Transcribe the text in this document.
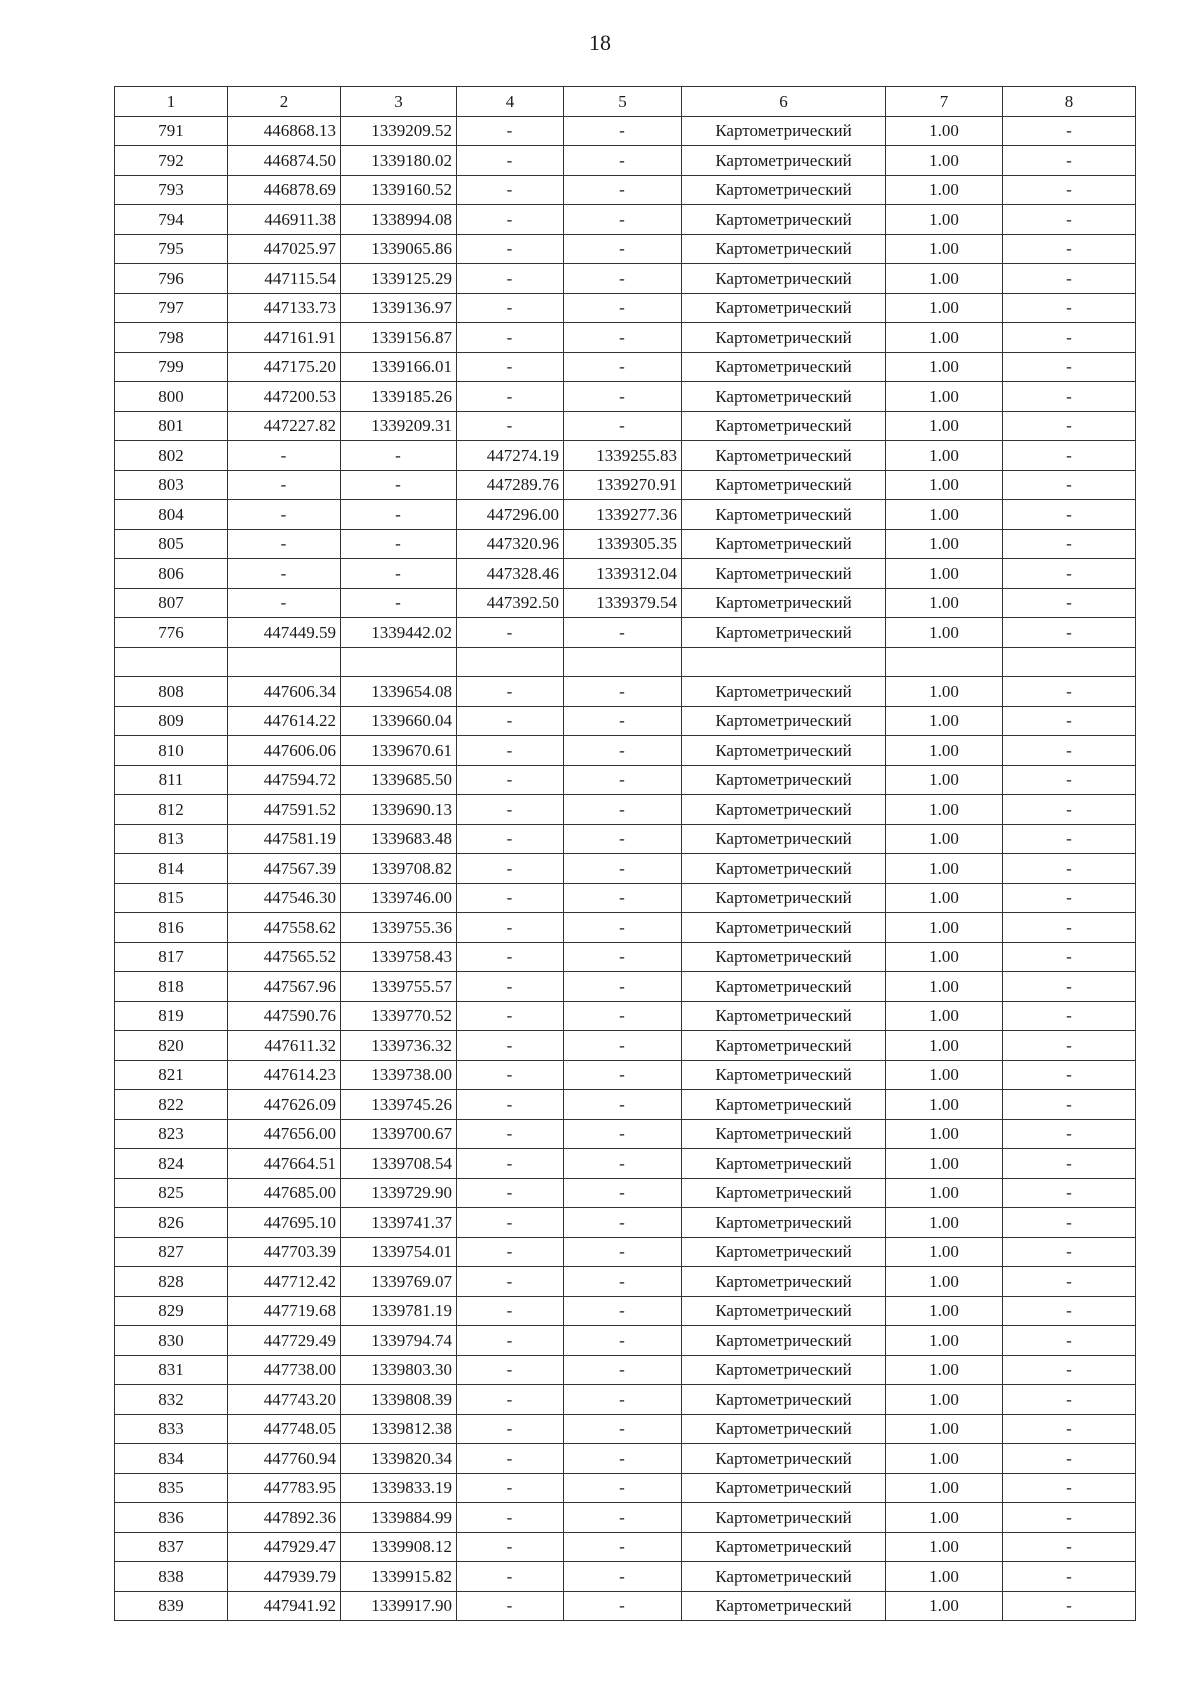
18
1	2	3	4	5	6	7	8
791	446868.13	1339209.52	-	-	Картометрический	1.00	-
792	446874.50	1339180.02	-	-	Картометрический	1.00	-
793	446878.69	1339160.52	-	-	Картометрический	1.00	-
794	446911.38	1338994.08	-	-	Картометрический	1.00	-
795	447025.97	1339065.86	-	-	Картометрический	1.00	-
796	447115.54	1339125.29	-	-	Картометрический	1.00	-
797	447133.73	1339136.97	-	-	Картометрический	1.00	-
798	447161.91	1339156.87	-	-	Картометрический	1.00	-
799	447175.20	1339166.01	-	-	Картометрический	1.00	-
800	447200.53	1339185.26	-	-	Картометрический	1.00	-
801	447227.82	1339209.31	-	-	Картометрический	1.00	-
802	-	-	447274.19	1339255.83	Картометрический	1.00	-
803	-	-	447289.76	1339270.91	Картометрический	1.00	-
804	-	-	447296.00	1339277.36	Картометрический	1.00	-
805	-	-	447320.96	1339305.35	Картометрический	1.00	-
806	-	-	447328.46	1339312.04	Картометрический	1.00	-
807	-	-	447392.50	1339379.54	Картометрический	1.00	-
776	447449.59	1339442.02	-	-	Картометрический	1.00	-

808	447606.34	1339654.08	-	-	Картометрический	1.00	-
809	447614.22	1339660.04	-	-	Картометрический	1.00	-
810	447606.06	1339670.61	-	-	Картометрический	1.00	-
811	447594.72	1339685.50	-	-	Картометрический	1.00	-
812	447591.52	1339690.13	-	-	Картометрический	1.00	-
813	447581.19	1339683.48	-	-	Картометрический	1.00	-
814	447567.39	1339708.82	-	-	Картометрический	1.00	-
815	447546.30	1339746.00	-	-	Картометрический	1.00	-
816	447558.62	1339755.36	-	-	Картометрический	1.00	-
817	447565.52	1339758.43	-	-	Картометрический	1.00	-
818	447567.96	1339755.57	-	-	Картометрический	1.00	-
819	447590.76	1339770.52	-	-	Картометрический	1.00	-
820	447611.32	1339736.32	-	-	Картометрический	1.00	-
821	447614.23	1339738.00	-	-	Картометрический	1.00	-
822	447626.09	1339745.26	-	-	Картометрический	1.00	-
823	447656.00	1339700.67	-	-	Картометрический	1.00	-
824	447664.51	1339708.54	-	-	Картометрический	1.00	-
825	447685.00	1339729.90	-	-	Картометрический	1.00	-
826	447695.10	1339741.37	-	-	Картометрический	1.00	-
827	447703.39	1339754.01	-	-	Картометрический	1.00	-
828	447712.42	1339769.07	-	-	Картометрический	1.00	-
829	447719.68	1339781.19	-	-	Картометрический	1.00	-
830	447729.49	1339794.74	-	-	Картометрический	1.00	-
831	447738.00	1339803.30	-	-	Картометрический	1.00	-
832	447743.20	1339808.39	-	-	Картометрический	1.00	-
833	447748.05	1339812.38	-	-	Картометрический	1.00	-
834	447760.94	1339820.34	-	-	Картометрический	1.00	-
835	447783.95	1339833.19	-	-	Картометрический	1.00	-
836	447892.36	1339884.99	-	-	Картометрический	1.00	-
837	447929.47	1339908.12	-	-	Картометрический	1.00	-
838	447939.79	1339915.82	-	-	Картометрический	1.00	-
839	447941.92	1339917.90	-	-	Картометрический	1.00	-
